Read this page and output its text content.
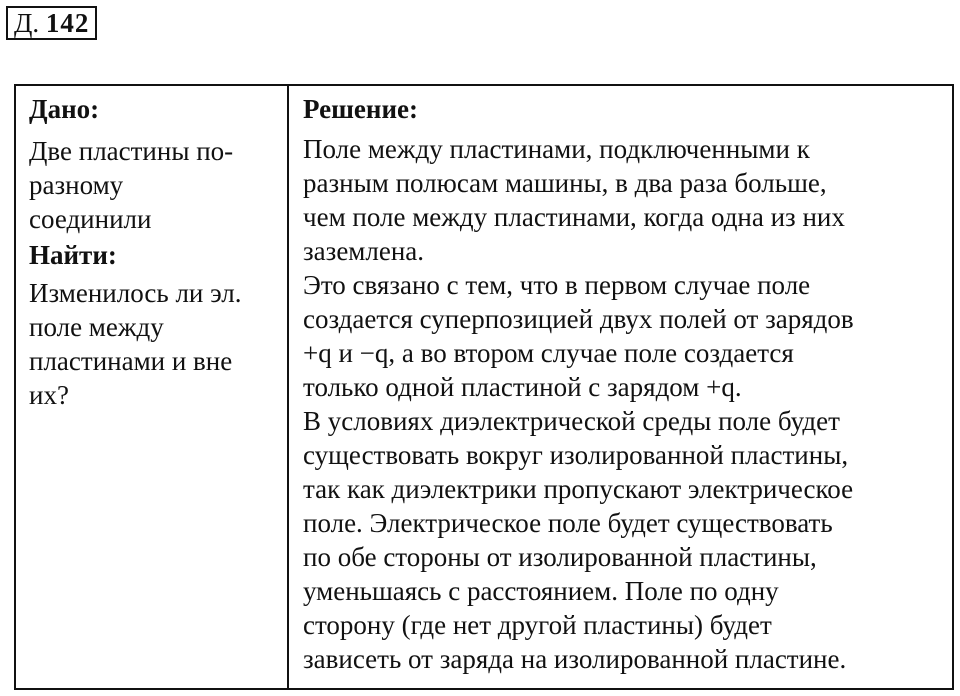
Д. 142

Дано:

Две пластины по-
разному
соединили

Найти:

Изменилось ли эл.
поле между
пластинами и вне
их?

Решение:

Поле между пластинами, подключенными к
разным полюсам машины, в два раза больше,
чем поле между пластинами, когда одна из них
заземлена.
Это связано с тем, что в первом случае поле
создается суперпозицией двух полей от зарядов
+q и −q, а во втором случае поле создается
только одной пластиной с зарядом +q.
В условиях диэлектрической среды поле будет
существовать вокруг изолированной пластины,
так как диэлектрики пропускают электрическое
поле. Электрическое поле будет существовать
по обе стороны от изолированной пластины,
уменьшаясь с расстоянием. Поле по одну
сторону (где нет другой пластины) будет
зависеть от заряда на изолированной пластине.
